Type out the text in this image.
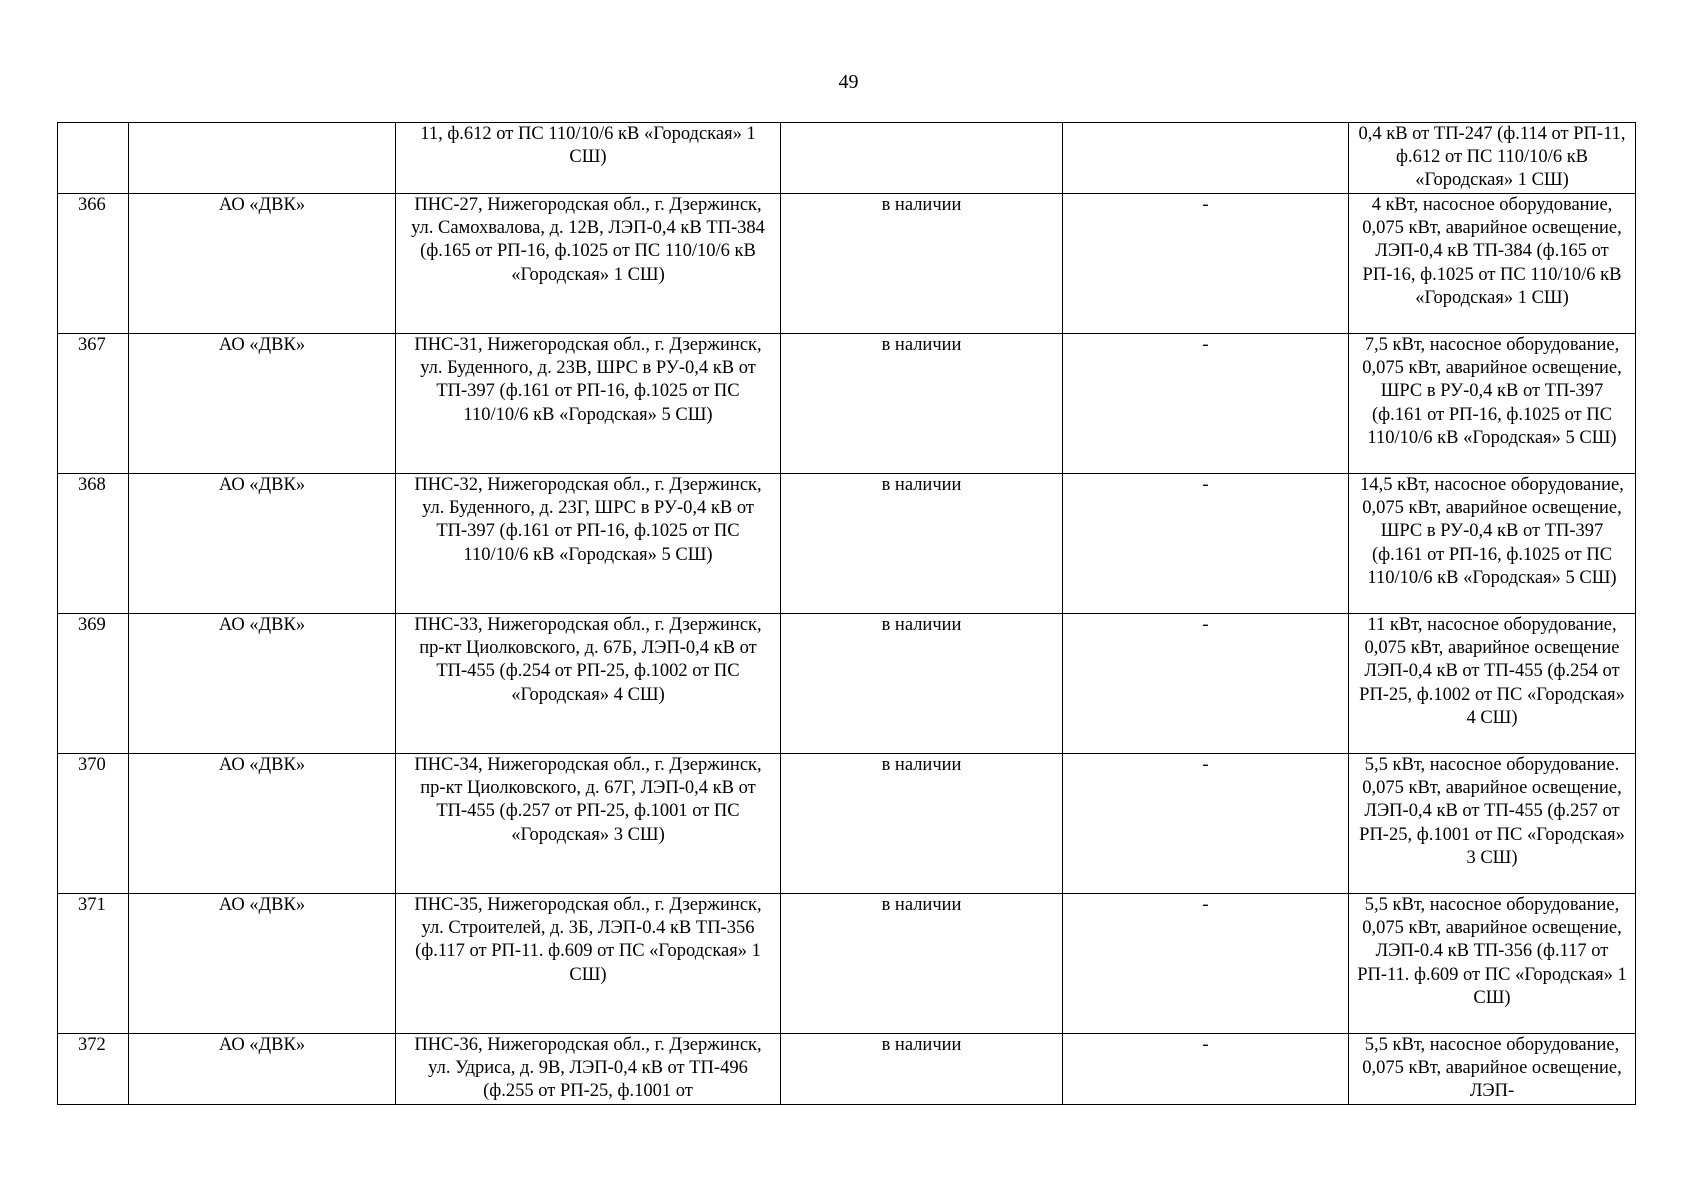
49
		11, ф.612 от ПС 110/10/6 кВ «Городская» 1 СШ)			0,4 кВ от ТП-247 (ф.114 от РП-11, ф.612 от ПС 110/10/6 кВ «Городская» 1 СШ)
366	АО «ДВК»	ПНС-27, Нижегородская обл., г. Дзержинск, ул. Самохвалова, д. 12В, ЛЭП-0,4 кВ ТП-384 (ф.165 от РП-16, ф.1025 от ПС 110/10/6 кВ «Городская» 1 СШ)	в наличии	-	4 кВт, насосное оборудование, 0,075 кВт, аварийное освещение, ЛЭП-0,4 кВ ТП-384 (ф.165 от РП-16, ф.1025 от ПС 110/10/6 кВ «Городская» 1 СШ)
367	АО «ДВК»	ПНС-31, Нижегородская обл., г. Дзержинск, ул. Буденного, д. 23В, ШРС в РУ-0,4 кВ от ТП-397 (ф.161 от РП-16, ф.1025 от ПС 110/10/6 кВ «Городская» 5 СШ)	в наличии	-	7,5 кВт, насосное оборудование, 0,075 кВт, аварийное освещение, ШРС в РУ-0,4 кВ от ТП-397 (ф.161 от РП-16, ф.1025 от ПС 110/10/6 кВ «Городская» 5 СШ)
368	АО «ДВК»	ПНС-32, Нижегородская обл., г. Дзержинск, ул. Буденного, д. 23Г, ШРС в РУ-0,4 кВ от ТП-397 (ф.161 от РП-16, ф.1025 от ПС 110/10/6 кВ «Городская» 5 СШ)	в наличии	-	14,5 кВт, насосное оборудование, 0,075 кВт, аварийное освещение, ШРС в РУ-0,4 кВ от ТП-397 (ф.161 от РП-16, ф.1025 от ПС 110/10/6 кВ «Городская» 5 СШ)
369	АО «ДВК»	ПНС-33, Нижегородская обл., г. Дзержинск, пр-кт Циолковского, д. 67Б, ЛЭП-0,4 кВ от ТП-455 (ф.254 от РП-25, ф.1002 от ПС «Городская» 4 СШ)	в наличии	-	11 кВт, насосное оборудование, 0,075 кВт, аварийное освещение ЛЭП-0,4 кВ от ТП-455 (ф.254 от РП-25, ф.1002 от ПС «Городская» 4 СШ)
370	АО «ДВК»	ПНС-34, Нижегородская обл., г. Дзержинск, пр-кт Циолковского, д. 67Г, ЛЭП-0,4 кВ от ТП-455 (ф.257 от РП-25, ф.1001 от ПС «Городская» 3 СШ)	в наличии	-	5,5 кВт, насосное оборудование. 0,075 кВт, аварийное освещение, ЛЭП-0,4 кВ от ТП-455 (ф.257 от РП-25, ф.1001 от ПС «Городская» 3 СШ)
371	АО «ДВК»	ПНС-35, Нижегородская обл., г. Дзержинск, ул. Строителей, д. 3Б, ЛЭП-0.4 кВ ТП-356 (ф.117 от РП-11. ф.609 от ПС «Городская» 1 СШ)	в наличии	-	5,5 кВт, насосное оборудование, 0,075 кВт, аварийное освещение, ЛЭП-0.4 кВ ТП-356 (ф.117 от РП-11. ф.609 от ПС «Городская» 1 СШ)
372	АО «ДВК»	ПНС-36, Нижегородская обл., г. Дзержинск, ул. Удриса, д. 9В, ЛЭП-0,4 кВ от ТП-496 (ф.255 от РП-25, ф.1001 от	в наличии	-	5,5 кВт, насосное оборудование, 0,075 кВт, аварийное освещение, ЛЭП-
